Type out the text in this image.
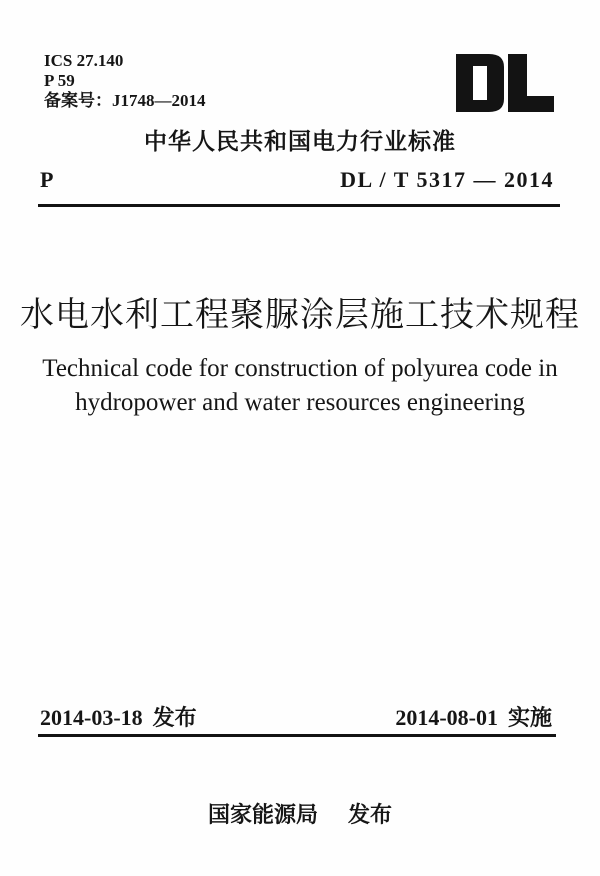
ICS 27.140
P 59
备案号：J1748—2014
中华人民共和国电力行业标准
P	DL / T 5317 — 2014
水电水利工程聚脲涂层施工技术规程
Technical code for construction of polyurea code in
hydropower and water resources engineering
2014-03-18 发布	2014-08-01 实施
国家能源局 发布
